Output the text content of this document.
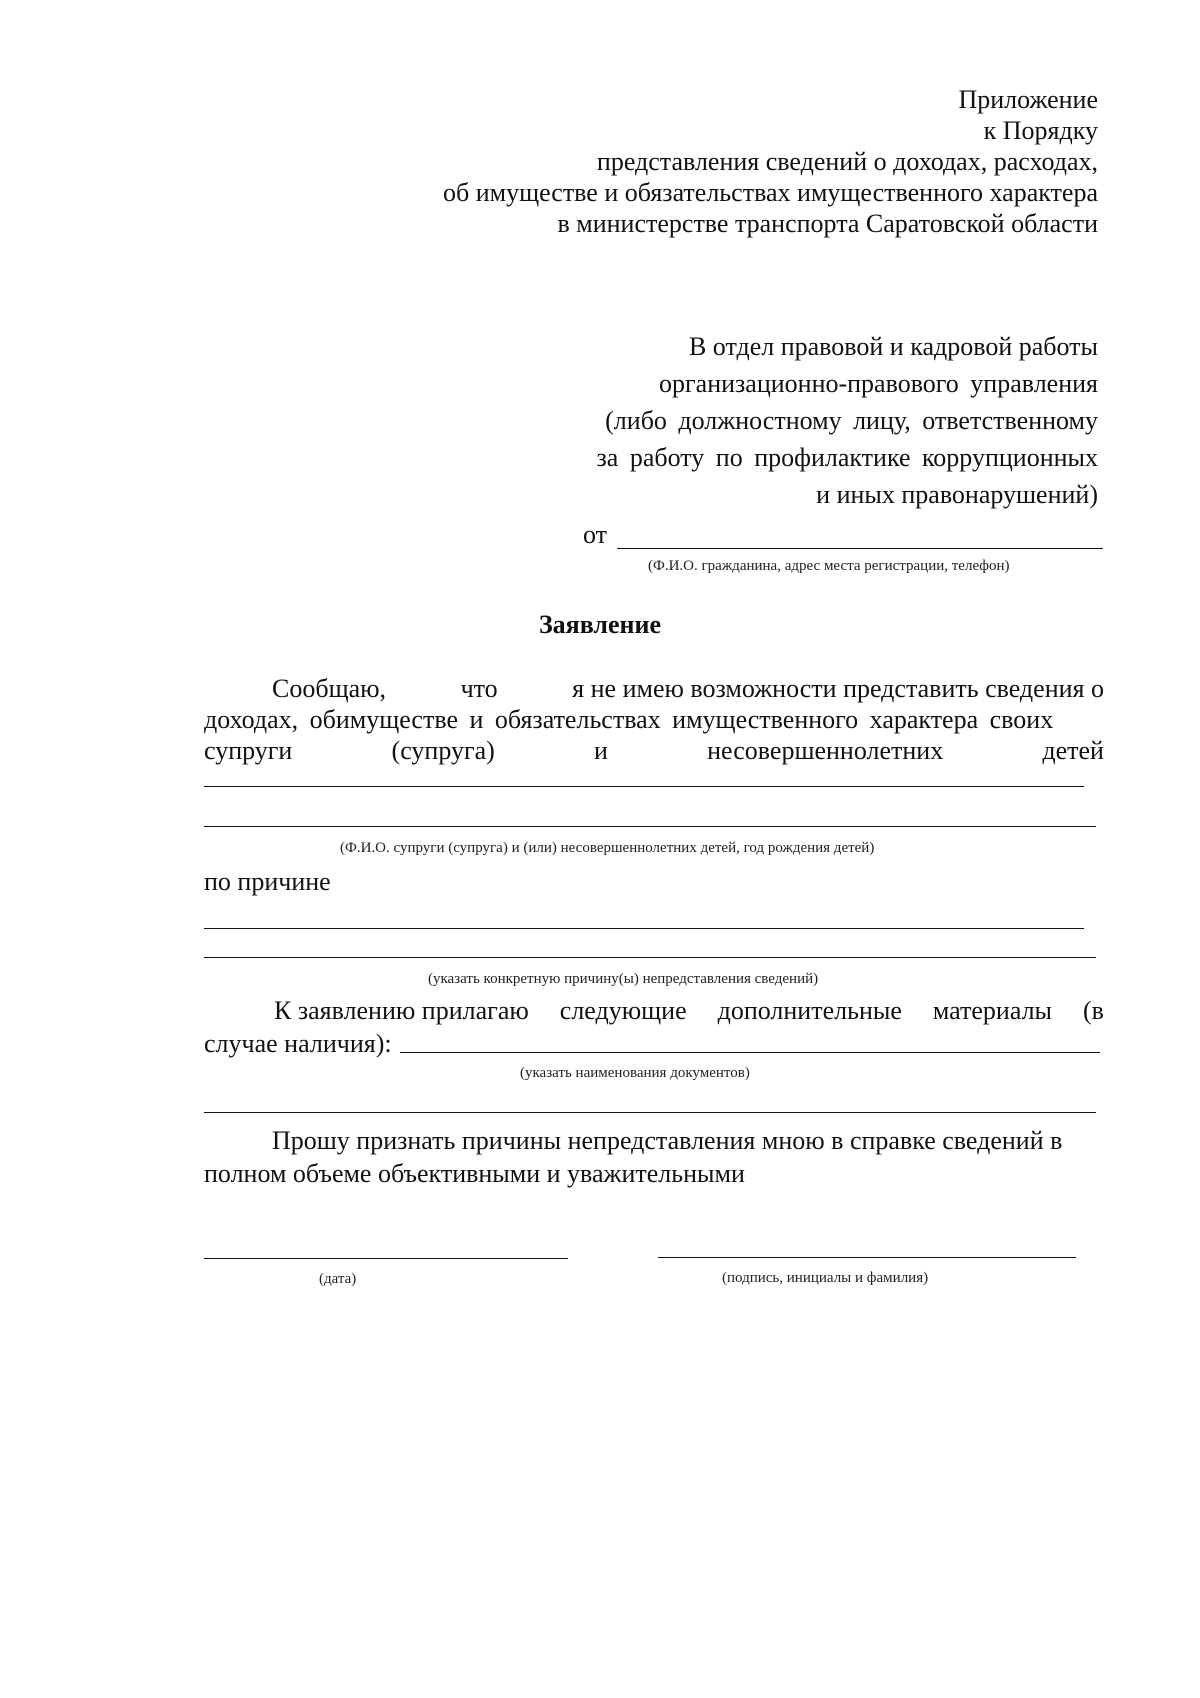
Приложение
к Порядку
представления сведений о доходах, расходах,
об имуществе и обязательствах имущественного характера
в министерстве транспорта Саратовской области
В отдел правовой и кадровой работы
организационно-правового управления
(либо должностному лицу, ответственному
за работу по профилактике коррупционных
и иных правонарушений)
от
(Ф.И.О. гражданина, адрес места регистрации, телефон)
Заявление
Сообщаю,	что	я не имею возможности представить сведения о
доходах, обимуществе и обязательствах имущественного характера своих
супруги	(супруга)	и	несовершеннолетних	детей
(Ф.И.О. супруги (супруга) и (или) несовершеннолетних детей, год рождения детей)
по причине
(указать конкретную причину(ы) непредставления сведений)
К заявлению прилагаю следующие дополнительные материалы (в
случае наличия):
(указать наименования документов)
Прошу признать причины непредставления мною в справке сведений в
полном объеме объективными и уважительными
(дата)	(подпись, инициалы и фамилия)
